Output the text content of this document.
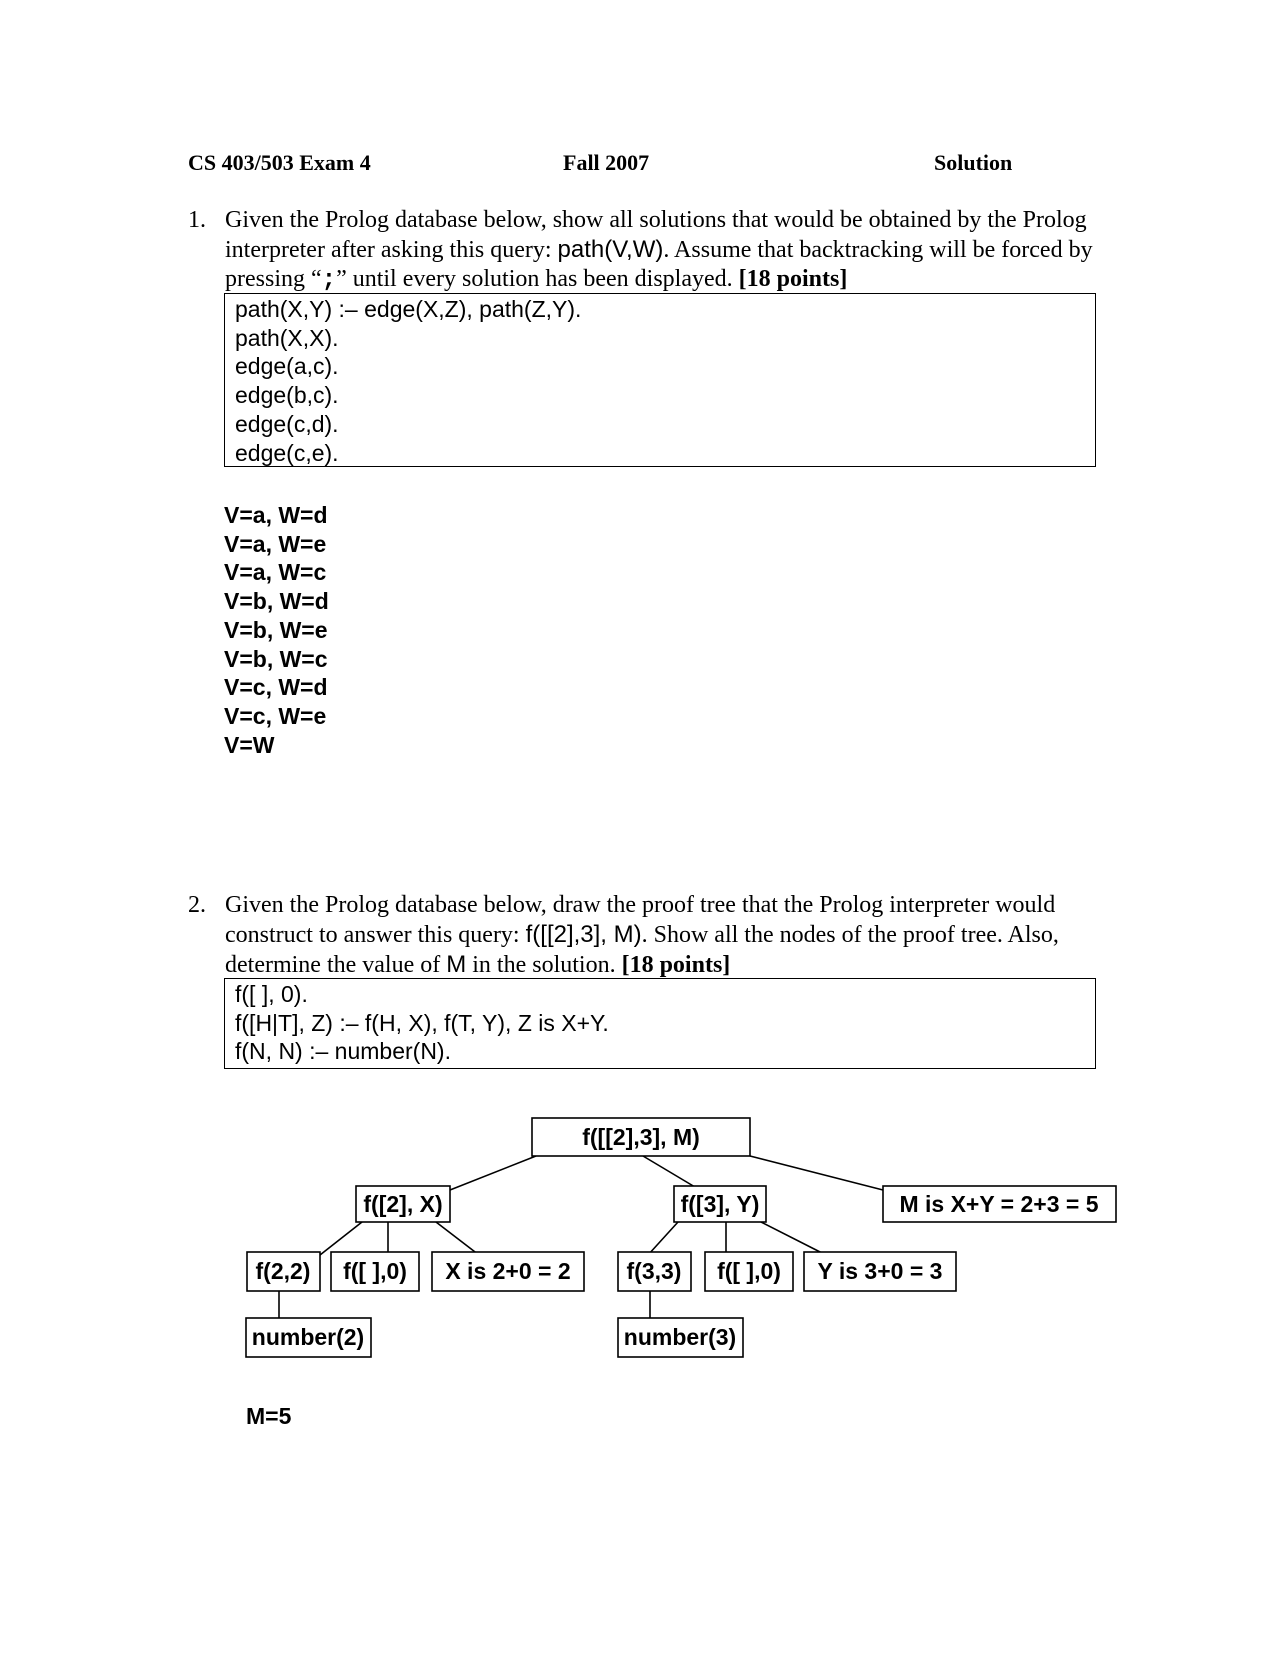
CS 403/503 Exam 4	Fall 2007	Solution
1. Given the Prolog database below, show all solutions that would be obtained by the Prolog interpreter after asking this query: path(V,W). Assume that backtracking will be forced by pressing “;” until every solution has been displayed. [18 points]
path(X,Y) :– edge(X,Z), path(Z,Y).
path(X,X).
edge(a,c).
edge(b,c).
edge(c,d).
edge(c,e).
V=a, W=d
V=a, W=e
V=a, W=c
V=b, W=d
V=b, W=e
V=b, W=c
V=c, W=d
V=c, W=e
V=W
2. Given the Prolog database below, draw the proof tree that the Prolog interpreter would construct to answer this query: f([[2],3], M). Show all the nodes of the proof tree. Also, determine the value of M in the solution. [18 points]
f([ ], 0).
f([H|T], Z) :– f(H, X), f(T, Y), Z is X+Y.
f(N, N) :– number(N).
f([[2],3], M)
f([2], X)	f([3], Y)	M is X+Y = 2+3 = 5
f(2,2) f([ ],0) X is 2+0 = 2 f(3,3) f([ ],0) Y is 3+0 = 3
number(2)	number(3)
M=5
